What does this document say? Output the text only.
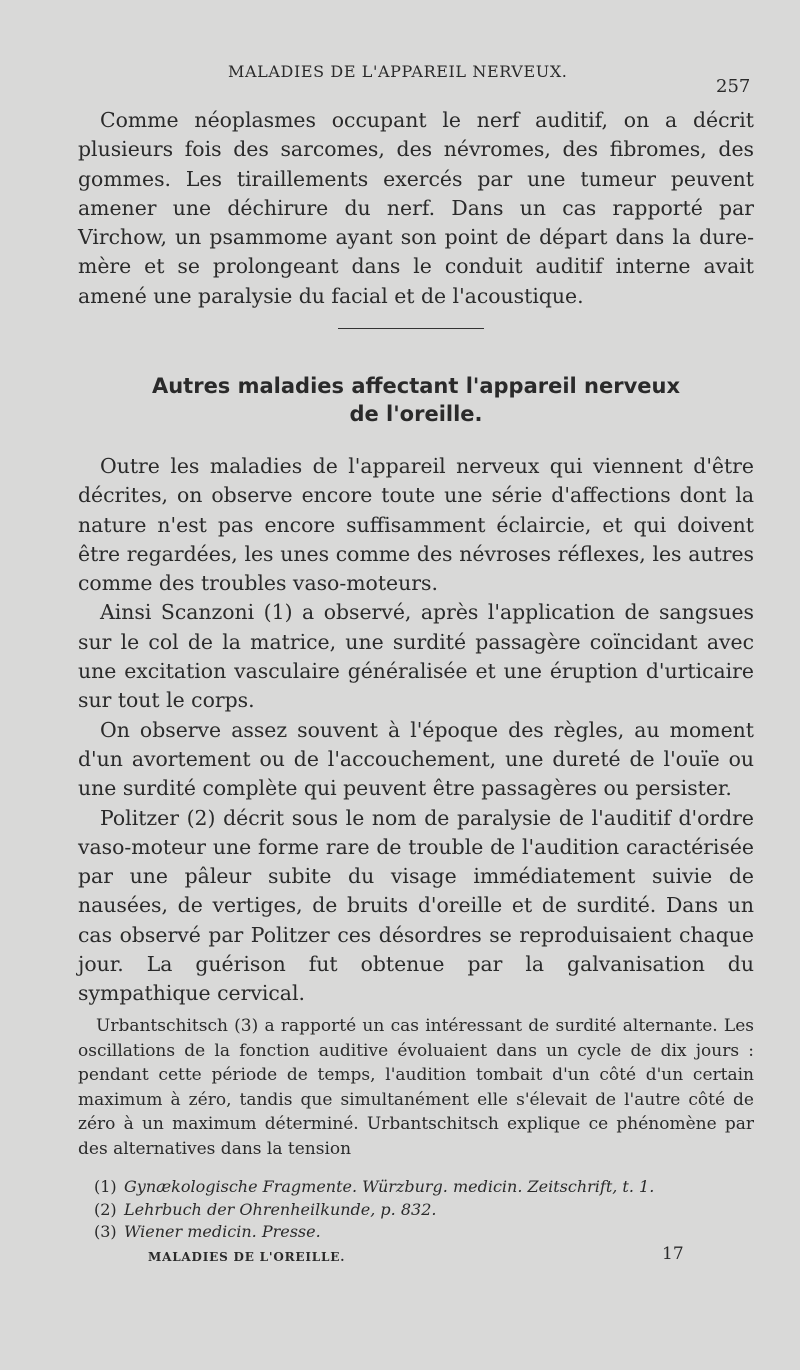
MALADIES DE L'APPAREIL NERVEUX.
257

Comme néoplasmes occupant le nerf auditif, on a décrit plusieurs fois des sarcomes, des névromes, des fibromes, des gommes. Les tiraillements exercés par une tumeur peuvent amener une déchirure du nerf. Dans un cas rapporté par Virchow, un psammome ayant son point de départ dans la dure-mère et se prolongeant dans le conduit auditif interne avait amené une paralysie du facial et de l'acoustique.

Autres maladies affectant l'appareil nerveux
de l'oreille.

Outre les maladies de l'appareil nerveux qui viennent d'être décrites, on observe encore toute une série d'affections dont la nature n'est pas encore suffisamment éclaircie, et qui doivent être regardées, les unes comme des névroses réflexes, les autres comme des troubles vaso-moteurs.

Ainsi Scanzoni (1) a observé, après l'application de sangsues sur le col de la matrice, une surdité passagère coïncidant avec une excitation vasculaire généralisée et une éruption d'urticaire sur tout le corps.

On observe assez souvent à l'époque des règles, au moment d'un avortement ou de l'accouchement, une dureté de l'ouïe ou une surdité complète qui peuvent être passagères ou persister.

Politzer (2) décrit sous le nom de paralysie de l'auditif d'ordre vaso-moteur une forme rare de trouble de l'audition caractérisée par une pâleur subite du visage immédiatement suivie de nausées, de vertiges, de bruits d'oreille et de surdité. Dans un cas observé par Politzer ces désordres se reproduisaient chaque jour. La guérison fut obtenue par la galvanisation du sympathique cervical.

Urbantschitsch (3) a rapporté un cas intéressant de surdité alternante. Les oscillations de la fonction auditive évoluaient dans un cycle de dix jours : pendant cette période de temps, l'audition tombait d'un côté d'un certain maximum à zéro, tandis que simultanément elle s'élevait de l'autre côté de zéro à un maximum déterminé. Urbantschitsch explique ce phénomène par des alternatives dans la tension

(1) Gynækologische Fragmente. Würzburg. medicin. Zeitschrift, t. 1.

(2) Lehrbuch der Ohrenheilkunde, p. 832.

(3) Wiener medicin. Presse.

MALADIES DE L'OREILLE.	17
